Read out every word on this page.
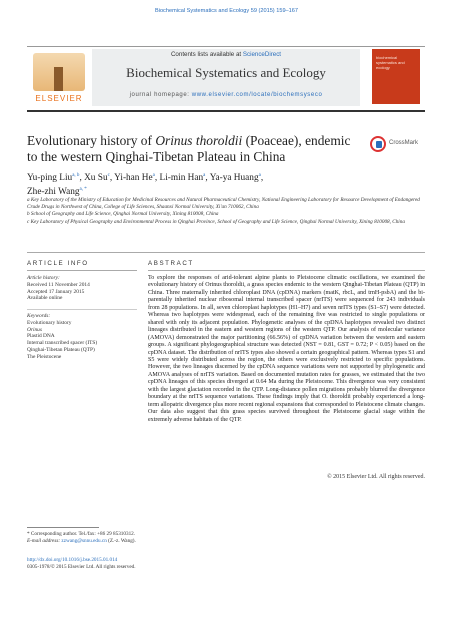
Biochemical Systematics and Ecology 59 (2015) 159–167
ELSEVIER
Contents lists available at ScienceDirect
Biochemical Systematics and Ecology
journal homepage: www.elsevier.com/locate/biochemsyseco
biochemical systematics and ecology
Evolutionary history of Orinus thoroldii (Poaceae), endemic to the western Qinghai-Tibetan Plateau in China
CrossMark
Yu-ping Liu$^{a, b}$, Xu Su$^c$, Yi-han He$^a$, Li-min Han$^a$, Ya-ya Huang$^a$,
Zhe-zhi Wang$^{a, *}$

a Key Laboratory of the Ministry of Education for Medicinal Resources and Natural Pharmaceutical Chemistry, National Engineering Laboratory for Resource Development of Endangered Crude Drugs in Northwest of China, College of Life Sciences, Shaanxi Normal University, Xi'an 710062, China

b School of Geography and Life Science, Qinghai Normal University, Xining 810008, China

c Key Laboratory of Physical Geography and Environmental Process in Qinghai Province, School of Geography and Life Science, Qinghai Normal University, Xining 810008, China

ARTICLE INFO	ABSTRACT
Article history:
Received 11 November 2014
Accepted 17 January 2015
Available online
Keywords:
Evolutionary history
Orinus
Plastid DNA
Internal transcribed spacer (ITS)
Qinghai-Tibetan Plateau (QTP)
The Pleistocene
To explore the responses of arid-tolerant alpine plants to Pleistocene climatic oscillations, we examined the evolutionary history of Orinus thoroldii, a grass species endemic to the western Qinghai-Tibetan Plateau (QTP) in China. Three maternally inherited chloroplast DNA (cpDNA) markers (matK, rbcL, and trnH-psbA) and the bi-parentally inherited nuclear ribosomal internal transcribed spacer (nrITS) were sequenced for 243 individuals from 28 populations. In all, seven chloroplast haplotypes (H1–H7) and seven nrITS types (S1–S7) were detected. Whereas two haplotypes were widespread, each of the remaining five was restricted to single populations or shared with only its adjacent population. Phylogenetic analyses of the cpDNA haplotypes revealed two distinct lineages distributed in the eastern and western regions of the western QTP. Our analysis of molecular variance (AMOVA) demonstrated the major partitioning (66.56%) of cpDNA variation between the western and eastern groups. A significant phylogeographical structure was detected (NST = 0.81, GST = 0.72; P < 0.05) based on the cpDNA dataset. The distribution of nrITS types also showed a certain geographical pattern. Whereas types S1 and S5 were widely distributed across the region, the others were exclusively restricted to specific populations. However, the two lineages discerned by the cpDNA sequence variations were not supported by phylogenetic and AMOVA analyses of nrITS variation. Based on documented mutation rates for grasses, we estimated that the two cpDNA lineages of this species diverged at 0.64 Ma during the Pleistocene. This divergence was very consistent with the largest glaciation recorded in the QTP. Long-distance pollen migrations probably blurred the divergence boundary at the nrITS sequence variations. These findings imply that O. thoroldii probably experienced a long-term allopatric divergence plus more recent regional expansions that corresponded to Pleistocene climate changes. Our data also suggest that this grass species survived throughout the Pleistocene glacial stage within the extremely adverse habitats of the QTP.
© 2015 Elsevier Ltd. All rights reserved.
* Corresponding author. Tel./fax: +86 29 85310312.
E-mail address: zzwang@snnu.edu.cn (Z.-z. Wang).
http://dx.doi.org/10.1016/j.bse.2015.01.014
0305-1978/© 2015 Elsevier Ltd. All rights reserved.
